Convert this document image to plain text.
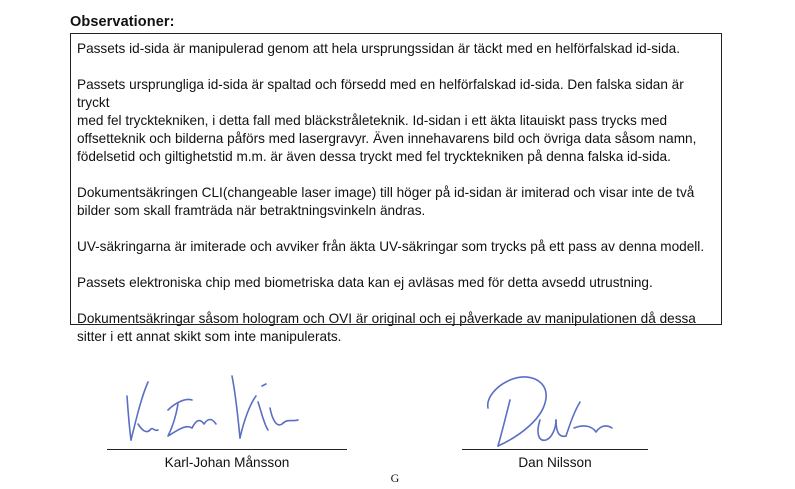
Observationer:

Passets id-sida är manipulerad genom att hela ursprungssidan är täckt med en helförfalskad id-sida.

Passets ursprungliga id-sida är spaltad och försedd med en helförfalskad id-sida. Den falska sidan är tryckt
med fel trycktekniken, i detta fall med bläckstråleteknik. Id-sidan i ett äkta litauiskt pass trycks med
offsetteknik och bilderna påförs med lasergravyr. Även innehavarens bild och övriga data såsom namn,
födelsetid och giltighetstid m.m. är även dessa tryckt med fel trycktekniken på denna falska id-sida.

Dokumentsäkringen CLI(changeable laser image) till höger på id-sidan är imiterad och visar inte de två
bilder som skall framträda när betraktningsvinkeln ändras.

UV-säkringarna är imiterade och avviker från äkta UV-säkringar som trycks på ett pass av denna modell.

Passets elektroniska chip med biometriska data kan ej avläsas med för detta avsedd utrustning.

Dokumentsäkringar såsom hologram och OVI är original och ej påverkade av manipulationen då dessa
sitter i ett annat skikt som inte manipulerats.

Karl-Johan Månsson	Dan Nilsson
G
